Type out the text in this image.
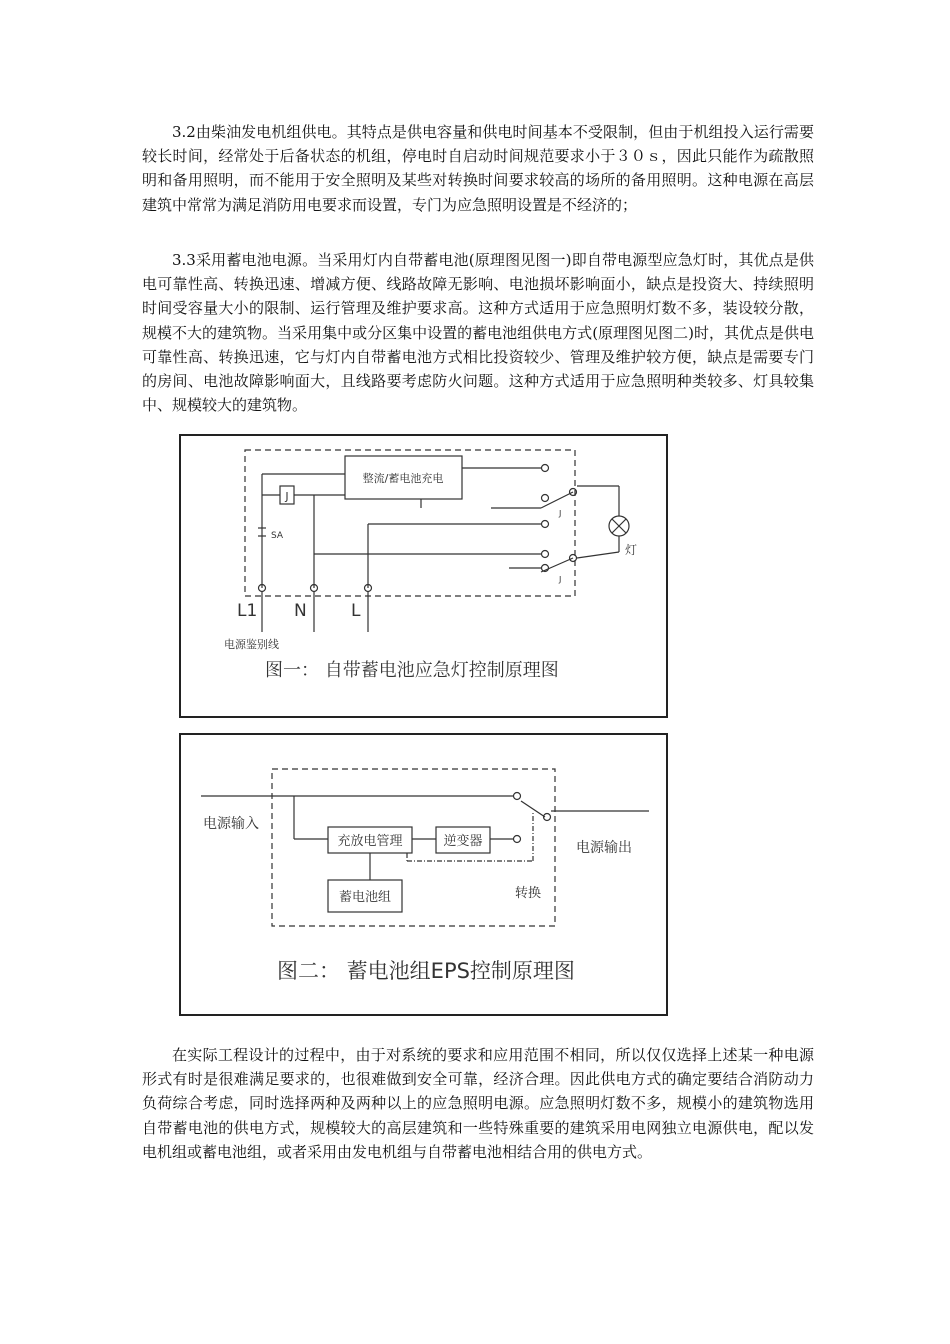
3.2由柴油发电机组供电。其特点是供电容量和供电时间基本不受限制，但由于机组投入运行需要较长时间，经常处于后备状态的机组，停电时自启动时间规范要求小于３０ｓ，因此只能作为疏散照明和备用照明，而不能用于安全照明及某些对转换时间要求较高的场所的备用照明。这种电源在高层建筑中常常为满足消防用电要求而设置，专门为应急照明设置是不经济的；

3.3采用蓄电池电源。当采用灯内自带蓄电池(原理图见图一)即自带电源型应急灯时，其优点是供电可靠性高、转换迅速、增减方便、线路故障无影响、电池损坏影响面小，缺点是投资大、持续照明时间受容量大小的限制、运行管理及维护要求高。这种方式适用于应急照明灯数不多，装设较分散，规模不大的建筑物。当采用集中或分区集中设置的蓄电池组供电方式(原理图见图二)时，其优点是供电可靠性高、转换迅速，它与灯内自带蓄电池方式相比投资较少、管理及维护较方便，缺点是需要专门的房间、电池故障影响面大，且线路要考虑防火问题。这种方式适用于应急照明种类较多、灯具较集中、规模较大的建筑物。

整流/蓄电池充电
J
SA
J
J
灯
L1 N	L
电源鉴别线
图一： 自带蓄电池应急灯控制原理图
电源输入
充放电管理	逆变器
蓄电池组	转换
电源输出
图二： 蓄电池组EPS控制原理图

在实际工程设计的过程中，由于对系统的要求和应用范围不相同，所以仅仅选择上述某一种电源形式有时是很难满足要求的，也很难做到安全可靠，经济合理。因此供电方式的确定要结合消防动力负荷综合考虑，同时选择两种及两种以上的应急照明电源。应急照明灯数不多，规模小的建筑物选用自带蓄电池的供电方式，规模较大的高层建筑和一些特殊重要的建筑采用电网独立电源供电，配以发电机组或蓄电池组，或者采用由发电机组与自带蓄电池相结合用的供电方式。
